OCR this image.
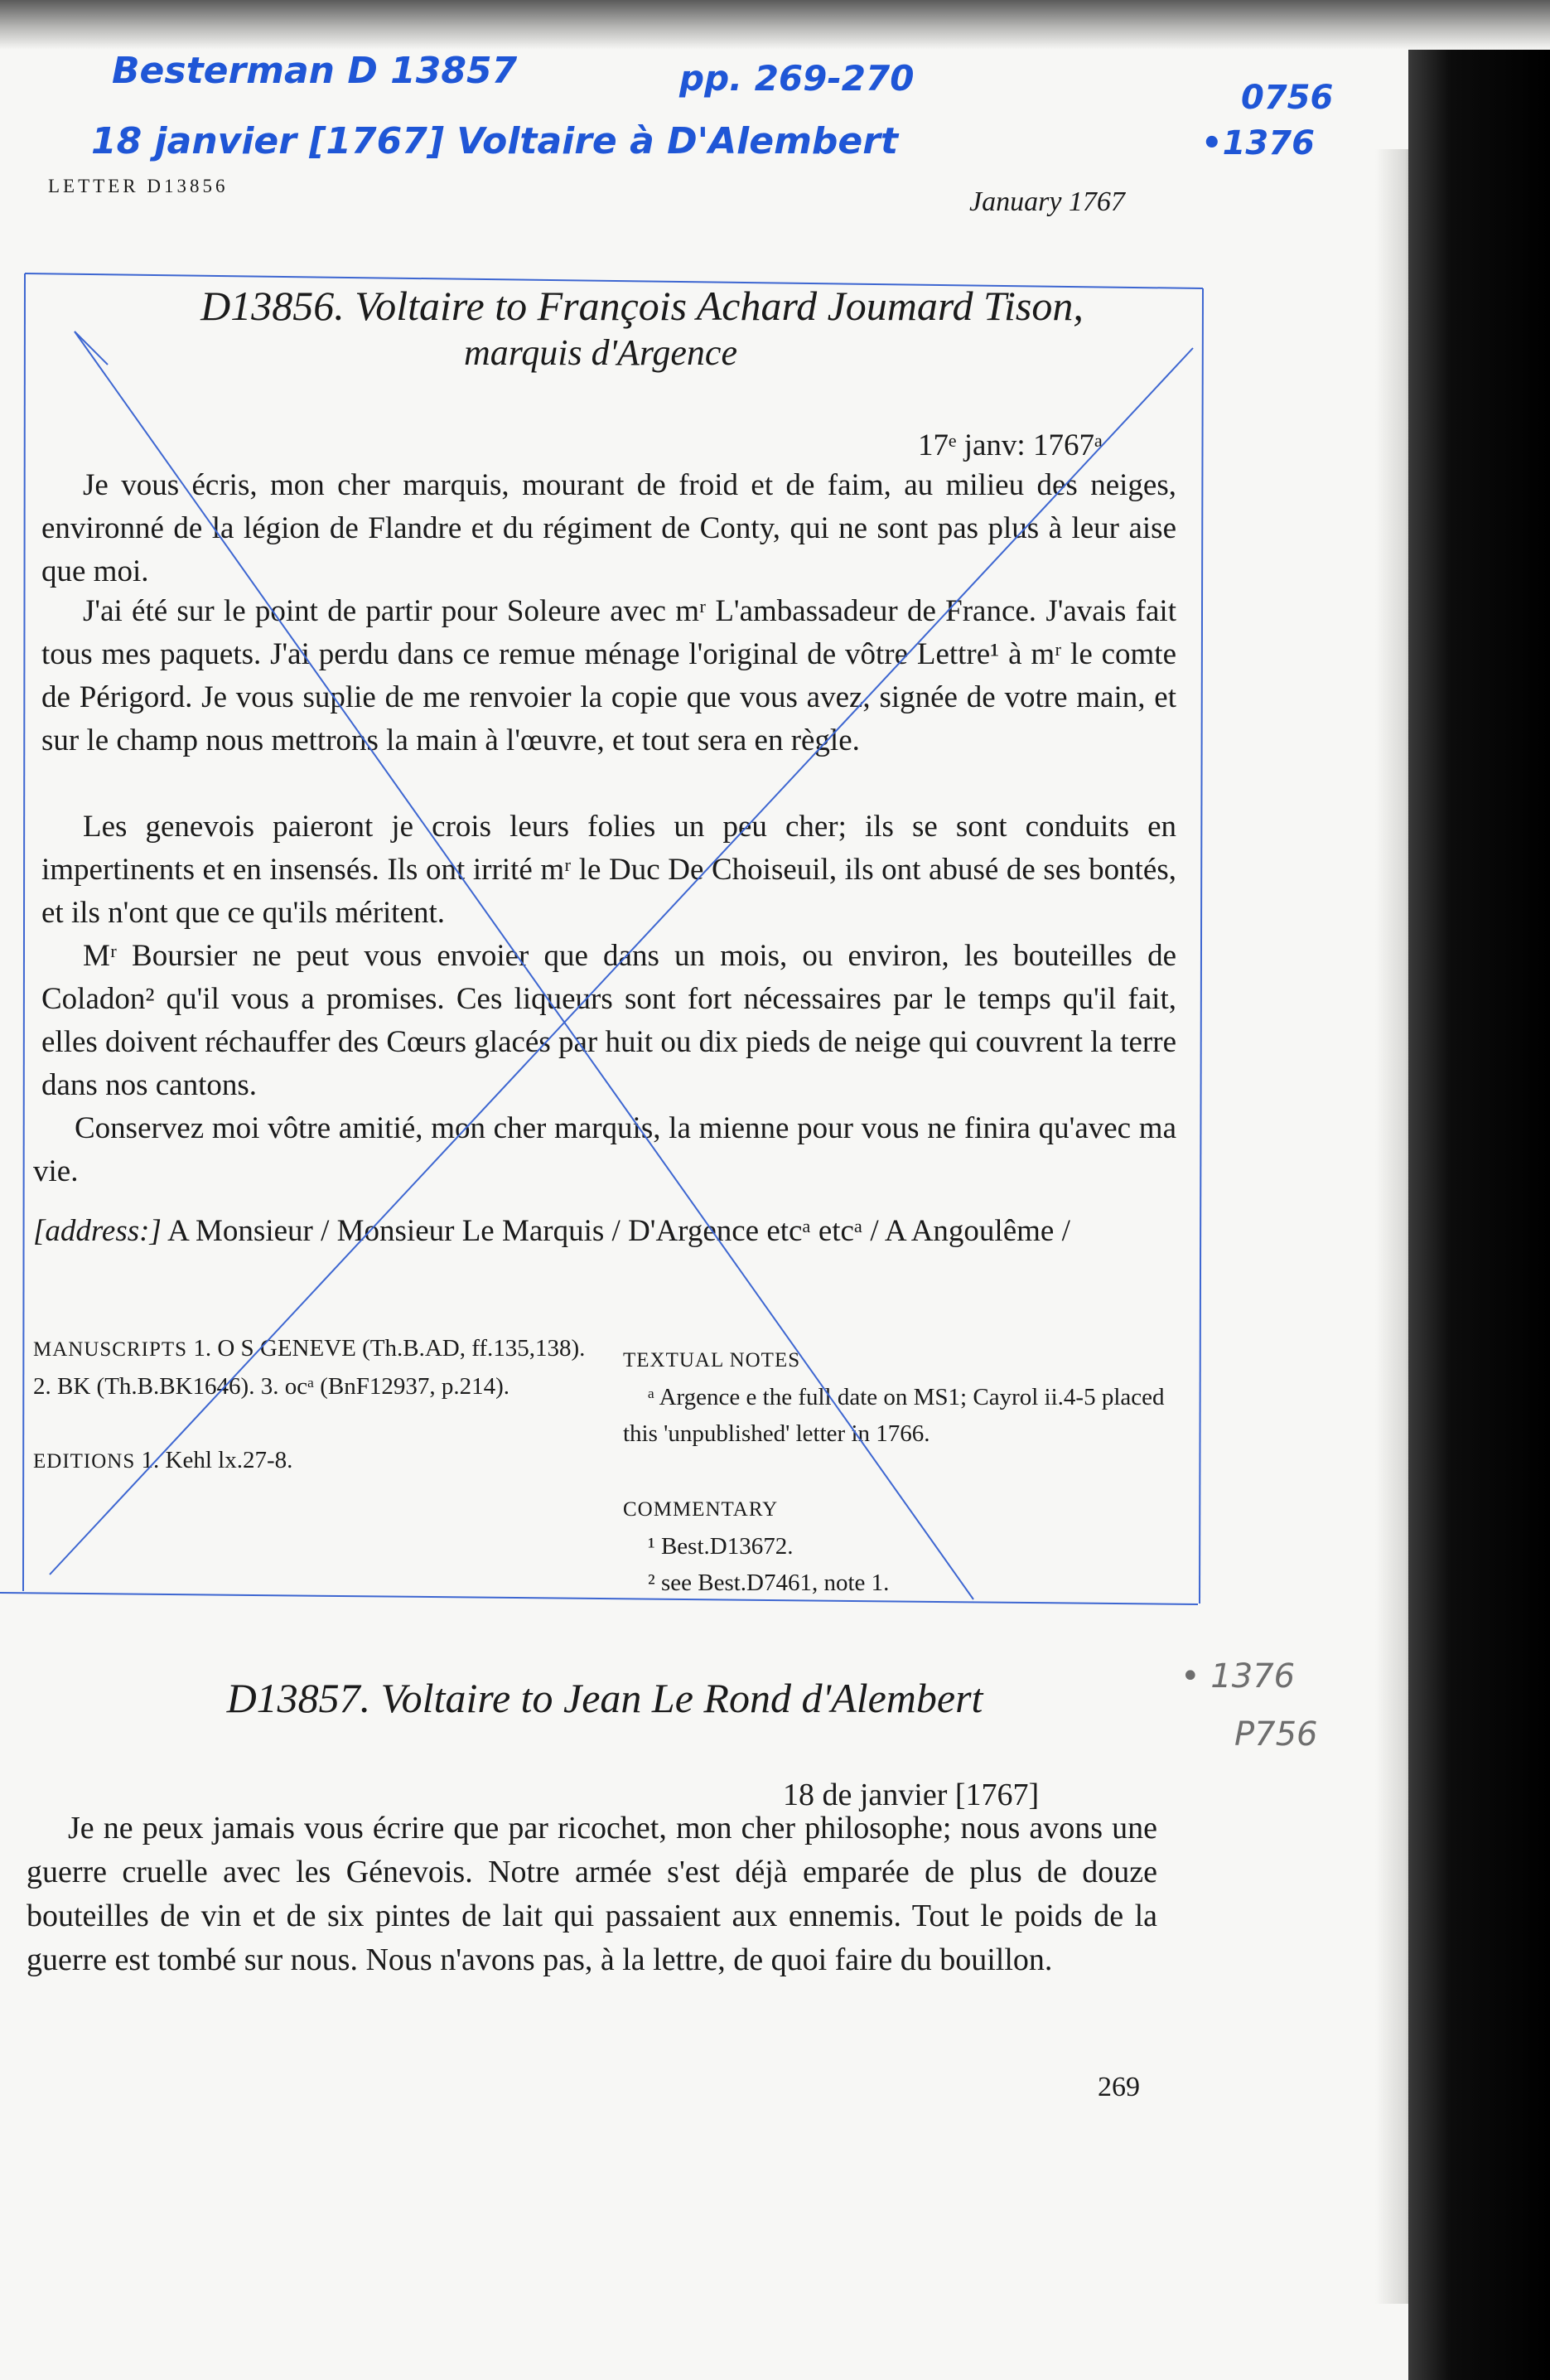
Besterman D 13857	pp. 269-270	0756
18 janvier [1767] Voltaire à D'Alembert	•1376
LETTER D13856
January 1767
D13856. Voltaire to François Achard Joumard Tison,
marquis d'Argence
17ᵉ janv: 1767ᵃ
Je vous écris, mon cher marquis, mourant de froid et de faim, au milieu des neiges, environné de la légion de Flandre et du régiment de Conty, qui ne sont pas plus à leur aise que moi.
J'ai été sur le point de partir pour Soleure avec mʳ L'ambassadeur de France. J'avais fait tous mes paquets. J'ai perdu dans ce remue ménage l'original de vôtre Lettre¹ à mʳ le comte de Périgord. Je vous suplie de me renvoier la copie que vous avez, signée de votre main, et sur le champ nous mettrons la main à l'œuvre, et tout sera en règle.
Les genevois paieront je crois leurs folies un peu cher; ils se sont conduits en impertinents et en insensés. Ils ont irrité mʳ le Duc De Choiseuil, ils ont abusé de ses bontés, et ils n'ont que ce qu'ils méritent.
Mʳ Boursier ne peut vous envoier que dans un mois, ou environ, les bouteilles de Coladon² qu'il vous a promises. Ces liqueurs sont fort nécessaires par le temps qu'il fait, elles doivent réchauffer des Cœurs glacés par huit ou dix pieds de neige qui couvrent la terre dans nos cantons.
Conservez moi vôtre amitié, mon cher marquis, la mienne pour vous ne finira qu'avec ma vie.
[address:] A Monsieur / Monsieur Le Marquis / D'Argence etcᵃ etcᵃ / A Angoulême /
MANUSCRIPTS 1. O S GENEVE (Th.B.AD, ff.135,138). 2. BK (Th.B.BK1646). 3. ocᵃ (BnF12937, p.214).
EDITIONS 1. Kehl lx.27-8.
TEXTUAL NOTES
ᵃ Argence e the full date on MS1; Cayrol ii.4-5 placed this 'unpublished' letter in 1766.
COMMENTARY
¹ Best.D13672.
² see Best.D7461, note 1.
D13857. Voltaire to Jean Le Rond d'Alembert
18 de janvier [1767]
Je ne peux jamais vous écrire que par ricochet, mon cher philosophe; nous avons une guerre cruelle avec les Génevois. Notre armée s'est déjà emparée de plus de douze bouteilles de vin et de six pintes de lait qui passaient aux ennemis. Tout le poids de la guerre est tombé sur nous. Nous n'avons pas, à la lettre, de quoi faire du bouillon.
• 1376
P756
269
